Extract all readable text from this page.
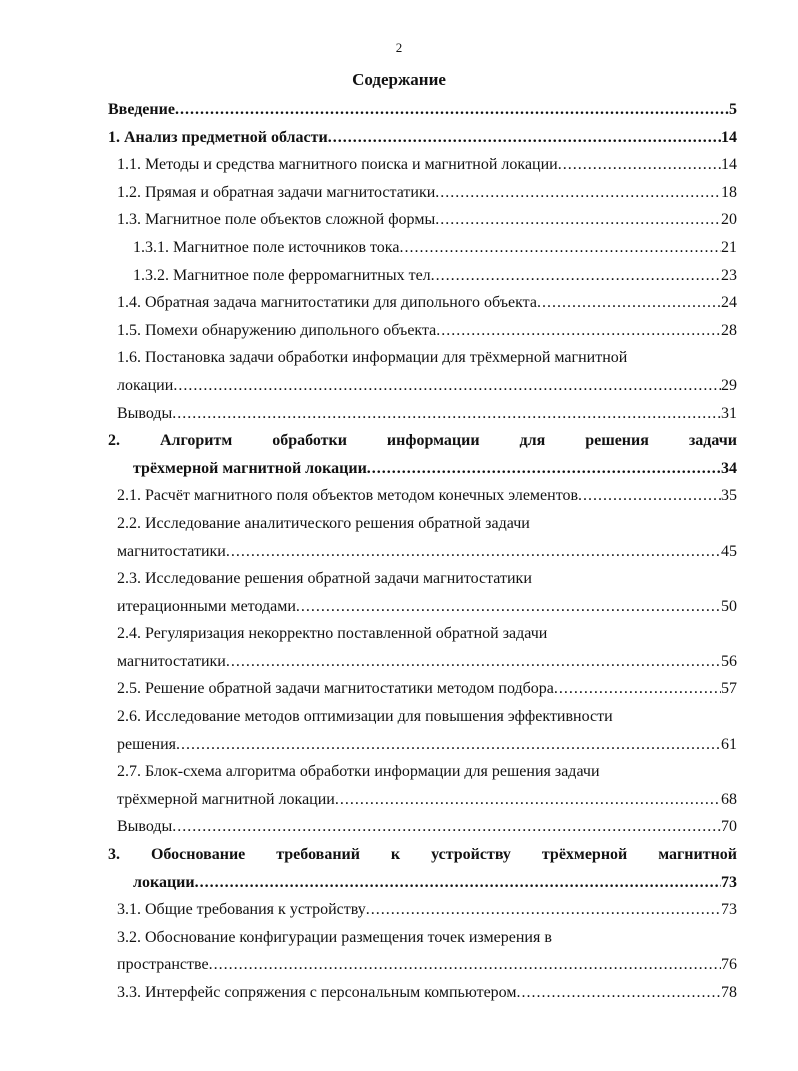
2
Содержание
Введение .....	5
1. Анализ предметной области .....	14
1.1. Методы и средства магнитного поиска и магнитной локации .....	14
1.2. Прямая и обратная задачи магнитостатики .....	18
1.3. Магнитное поле объектов сложной формы .....	20
1.3.1. Магнитное поле источников тока .....	21
1.3.2. Магнитное поле ферромагнитных тел .....	23
1.4. Обратная задача магнитостатики для дипольного объекта .....	24
1.5. Помехи обнаружению дипольного объекта .....	28
1.6. Постановка задачи обработки информации для трёхмерной магнитной
локации .....	29
Выводы .....	31
2. Алгоритм обработки информации для решения задачи
трёхмерной магнитной локации .....	34
2.1. Расчёт магнитного поля объектов методом конечных элементов .....	35
2.2. Исследование аналитического решения обратной задачи
магнитостатики .....	45
2.3. Исследование решения обратной задачи магнитостатики
итерационными методами .....	50
2.4. Регуляризация некорректно поставленной обратной задачи
магнитостатики .....	56
2.5. Решение обратной задачи магнитостатики методом подбора .....	57
2.6. Исследование методов оптимизации для повышения эффективности
решения .....	61
2.7. Блок-схема алгоритма обработки информации для решения задачи
трёхмерной магнитной локации .....	68
Выводы .....	70
3. Обоснование требований к устройству трёхмерной магнитной
локации .....	73
3.1. Общие требования к устройству .....	73
3.2. Обоснование конфигурации размещения точек измерения в
пространстве .....	76
3.3. Интерфейс сопряжения с персональным компьютером .....	78
